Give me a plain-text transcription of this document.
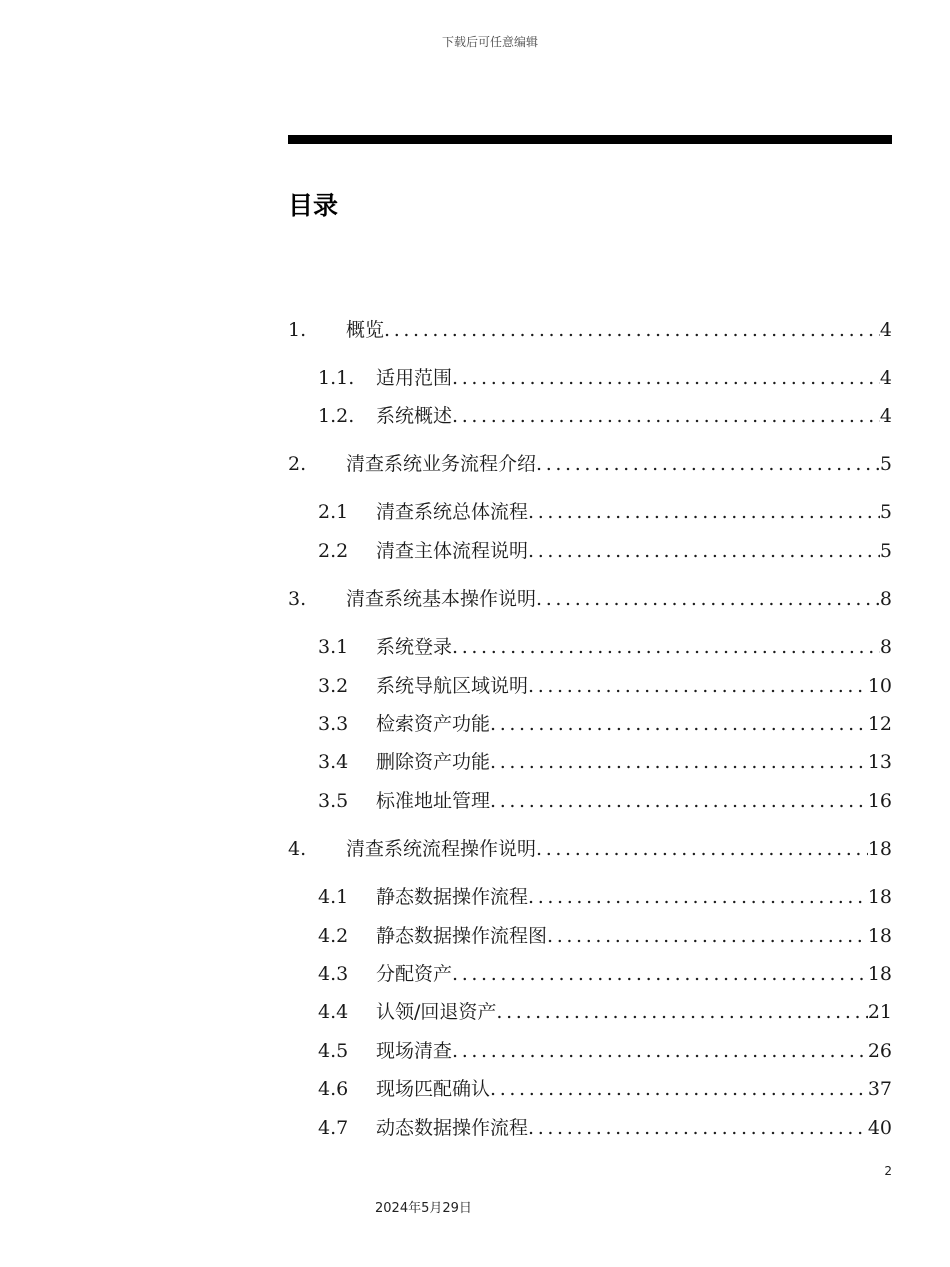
下载后可任意编辑
目录
1.	概览 . . .	4
1.1.	适用范围 . . .	4
1.2.	系统概述 . . .	4
2.	清查系统业务流程介绍 . . .	5
2.1	清查系统总体流程 . . .	5
2.2	清查主体流程说明 . . .	5
3.	清查系统基本操作说明 . . .	8
3.1	系统登录 . . .	8
3.2	系统导航区域说明 . . .	10
3.3	检索资产功能 . . .	12
3.4	删除资产功能 . . .	13
3.5	标准地址管理 . . .	16
4.	清查系统流程操作说明 . . .	18
4.1	静态数据操作流程 . . .	18
4.2	静态数据操作流程图 . . .	18
4.3	分配资产 . . .	18
4.4	认领/回退资产 . . .	21
4.5	现场清查 . . .	26
4.6	现场匹配确认 . . .	37
4.7	动态数据操作流程 . . .	40
2
2024年5月29日
